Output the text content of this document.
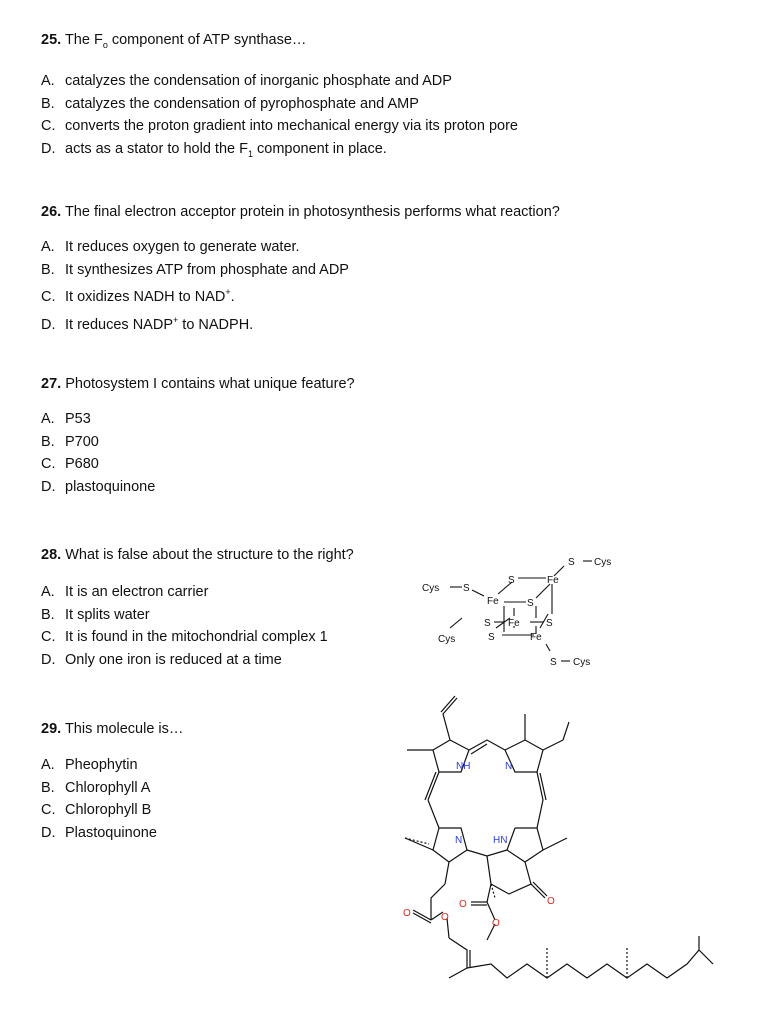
25. The $F_o$ component of ATP synthase…

A. catalyzes the condensation of inorganic phosphate and ADP
B. catalyzes the condensation of pyrophosphate and AMP
C. converts the proton gradient into mechanical energy via its proton pore
D. acts as a stator to hold the $F_1$ component in place.

26. The final electron acceptor protein in photosynthesis performs what reaction?

A. It reduces oxygen to generate water.
B. It synthesizes ATP from phosphate and ADP
C. It oxidizes NADH to NAD+.
D. It reduces NADP+ to NADPH.

27. Photosystem I contains what unique feature?

A. P53
B. P700
C. P680
D. plastoquinone

28. What is false about the structure to the right?

A. It is an electron carrier
B. It splits water
C. It is found in the mitochondrial complex 1
D. Only one iron is reduced at a time

29. This molecule is…

A. Pheophytin
B. Chlorophyll A
C. Chlorophyll B
D. Plastoquinone
S Cys
S	Fe
Cys S
Fe	S
S Fe	S
Cys	S	Fe
S Cys
NH	N
N	HN
O
O
O
O	O
